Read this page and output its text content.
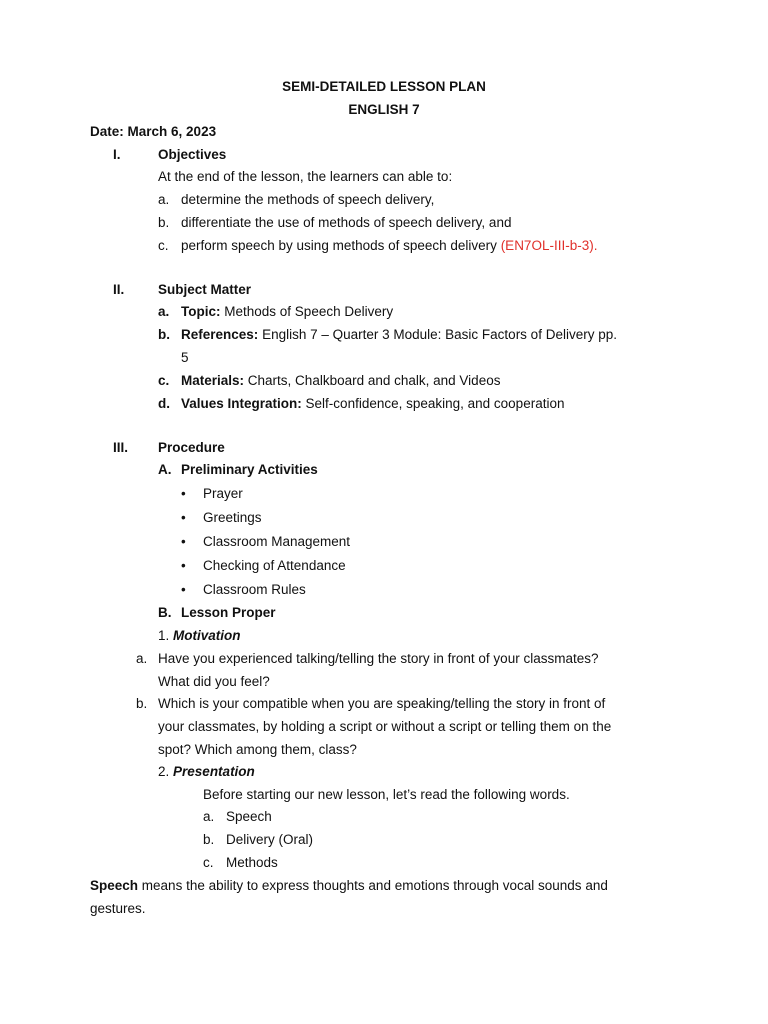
SEMI-DETAILED LESSON PLAN
ENGLISH 7
Date: March 6, 2023
I.	Objectives
At the end of the lesson, the learners can able to:
a. determine the methods of speech delivery,
b. differentiate the use of methods of speech delivery, and
c. perform speech by using methods of speech delivery (EN7OL-III-b-3).
II. Subject Matter
a. Topic: Methods of Speech Delivery
b. References: English 7 – Quarter 3 Module: Basic Factors of Delivery pp.
5
c. Materials: Charts, Chalkboard and chalk, and Videos
d. Values Integration: Self-confidence, speaking, and cooperation
III. Procedure
A. Preliminary Activities
• Prayer
• Greetings
• Classroom Management
• Checking of Attendance
• Classroom Rules
B. Lesson Proper
1. Motivation
a. Have you experienced talking/telling the story in front of your classmates?
What did you feel?
b. Which is your compatible when you are speaking/telling the story in front of
your classmates, by holding a script or without a script or telling them on the
spot? Which among them, class?
2. Presentation
Before starting our new lesson, let’s read the following words.
a. Speech
b. Delivery (Oral)
c. Methods
Speech means the ability to express thoughts and emotions through vocal sounds and
gestures.
